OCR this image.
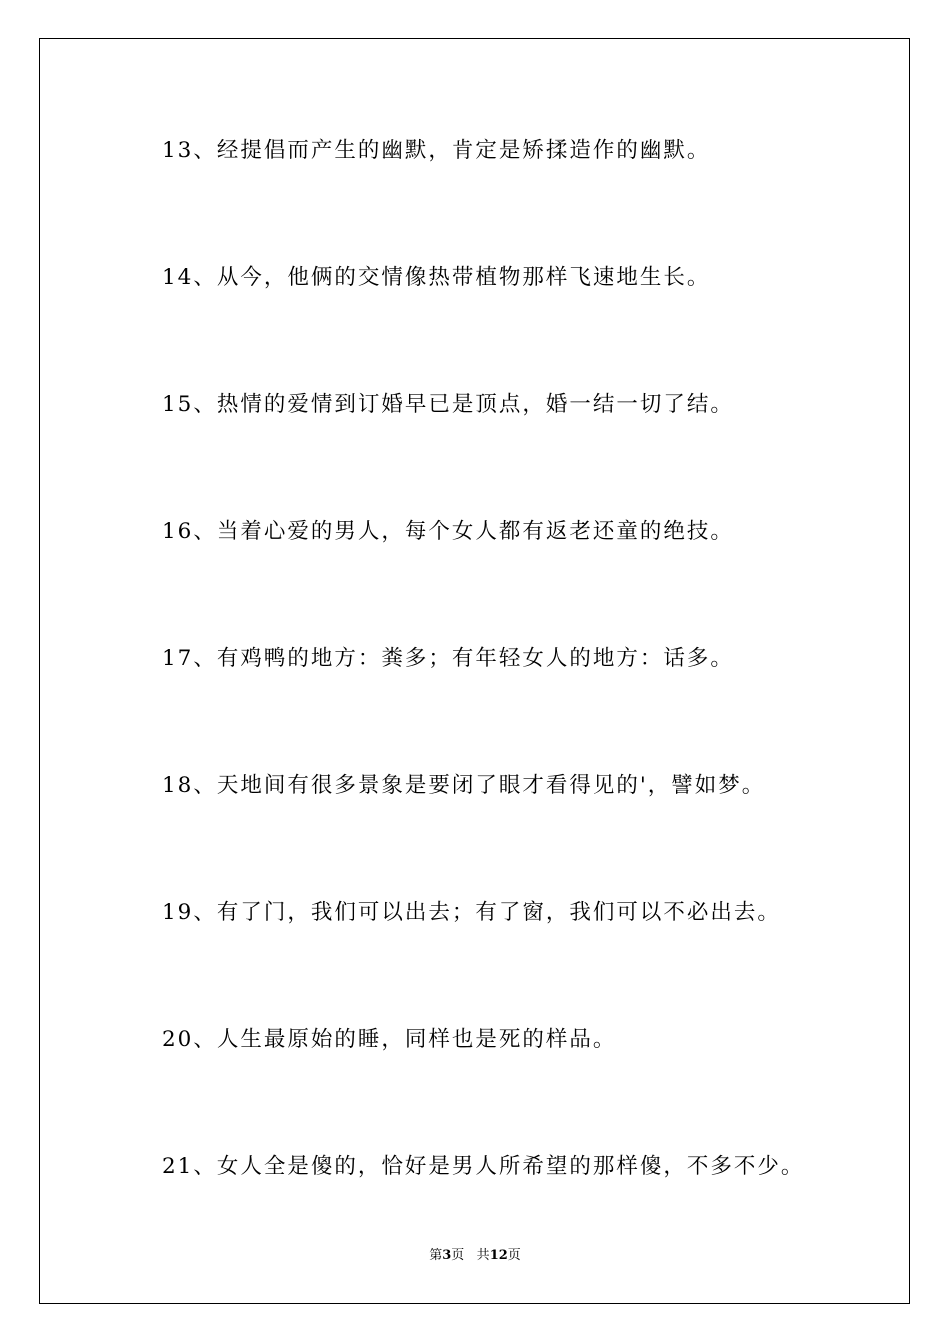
13、经提倡而产生的幽默，肯定是矫揉造作的幽默。
14、从今，他俩的交情像热带植物那样飞速地生长。
15、热情的爱情到订婚早已是顶点，婚一结一切了结。
16、当着心爱的男人，每个女人都有返老还童的绝技。
17、有鸡鸭的地方：粪多；有年轻女人的地方：话多。
18、天地间有很多景象是要闭了眼才看得见的'，譬如梦。
19、有了门，我们可以出去；有了窗，我们可以不必出去。
20、人生最原始的睡，同样也是死的样品。
21、女人全是傻的，恰好是男人所希望的那样傻，不多不少。
第3页 共12页
